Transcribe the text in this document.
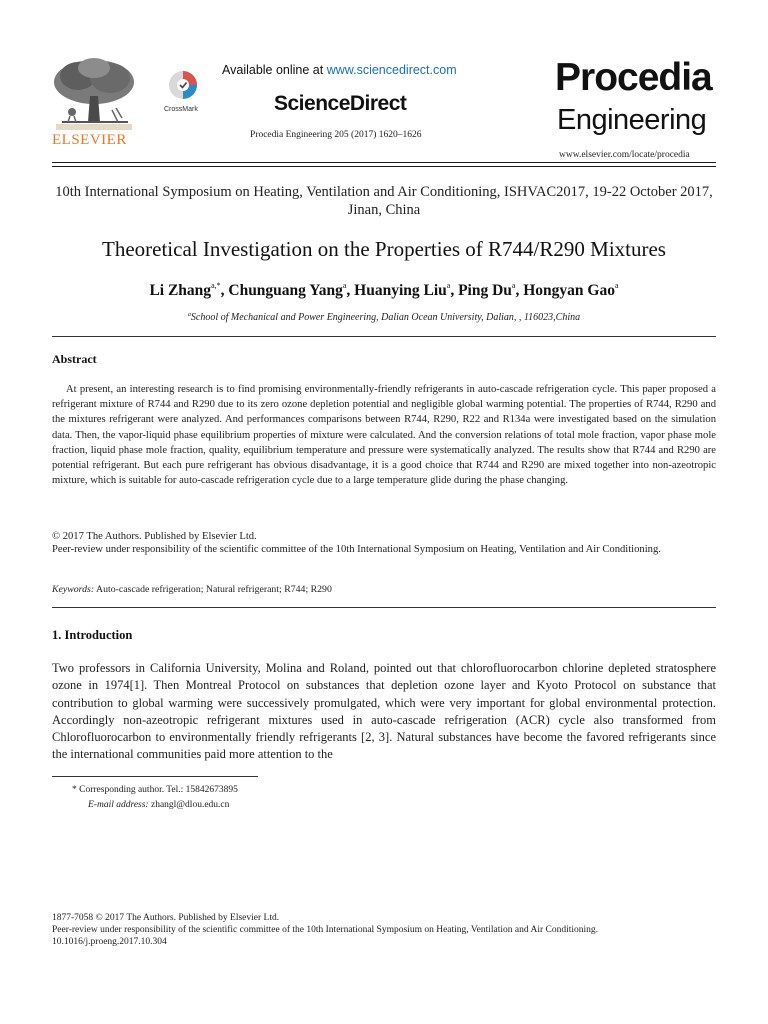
ELSEVIER
CrossMark
Available online at www.sciencedirect.com
ScienceDirect
Procedia Engineering 205 (2017) 1620–1626
Procedia
Engineering
www.elsevier.com/locate/procedia
10th International Symposium on Heating, Ventilation and Air Conditioning, ISHVAC2017, 19-22 October 2017, Jinan, China
Theoretical Investigation on the Properties of R744/R290 Mixtures
Li Zhang$^{a,*}$, Chunguang Yang$^a$, Huanying Liu$^a$, Ping Du$^a$, Hongyan Gao$^a$
$^a$School of Mechanical and Power Engineering, Dalian Ocean University, Dalian, , 116023,China
Abstract
At present, an interesting research is to find promising environmentally-friendly refrigerants in auto-cascade refrigeration cycle. This paper proposed a refrigerant mixture of R744 and R290 due to its zero ozone depletion potential and negligible global warming potential. The properties of R744, R290 and the mixtures refrigerant were analyzed. And performances comparisons between R744, R290, R22 and R134a were investigated based on the simulation data. Then, the vapor-liquid phase equilibrium properties of mixture were calculated. And the conversion relations of total mole fraction, vapor phase mole fraction, liquid phase mole fraction, quality, equilibrium temperature and pressure were systematically analyzed. The results show that R744 and R290 are potential refrigerant. But each pure refrigerant has obvious disadvantage, it is a good choice that R744 and R290 are mixed together into non-azeotropic mixture, which is suitable for auto-cascade refrigeration cycle due to a large temperature glide during the phase changing.
© 2017 The Authors. Published by Elsevier Ltd.
Peer-review under responsibility of the scientific committee of the 10th International Symposium on Heating, Ventilation and Air Conditioning.
Keywords: Auto-cascade refrigeration; Natural refrigerant; R744; R290
1. Introduction
Two professors in California University, Molina and Roland, pointed out that chlorofluorocarbon chlorine depleted stratosphere ozone in 1974[1]. Then Montreal Protocol on substances that depletion ozone layer and Kyoto Protocol on substance that contribution to global warming were successively promulgated, which were very important for global environmental protection. Accordingly non-azeotropic refrigerant mixtures used in auto-cascade refrigeration (ACR) cycle also transformed from Chlorofluorocarbon to environmentally friendly refrigerants [2, 3]. Natural substances have become the favored refrigerants since the international communities paid more attention to the
* Corresponding author. Tel.: 15842673895
E-mail address: zhangl@dlou.edu.cn
1877-7058 © 2017 The Authors. Published by Elsevier Ltd.
Peer-review under responsibility of the scientific committee of the 10th International Symposium on Heating, Ventilation and Air Conditioning.
10.1016/j.proeng.2017.10.304
